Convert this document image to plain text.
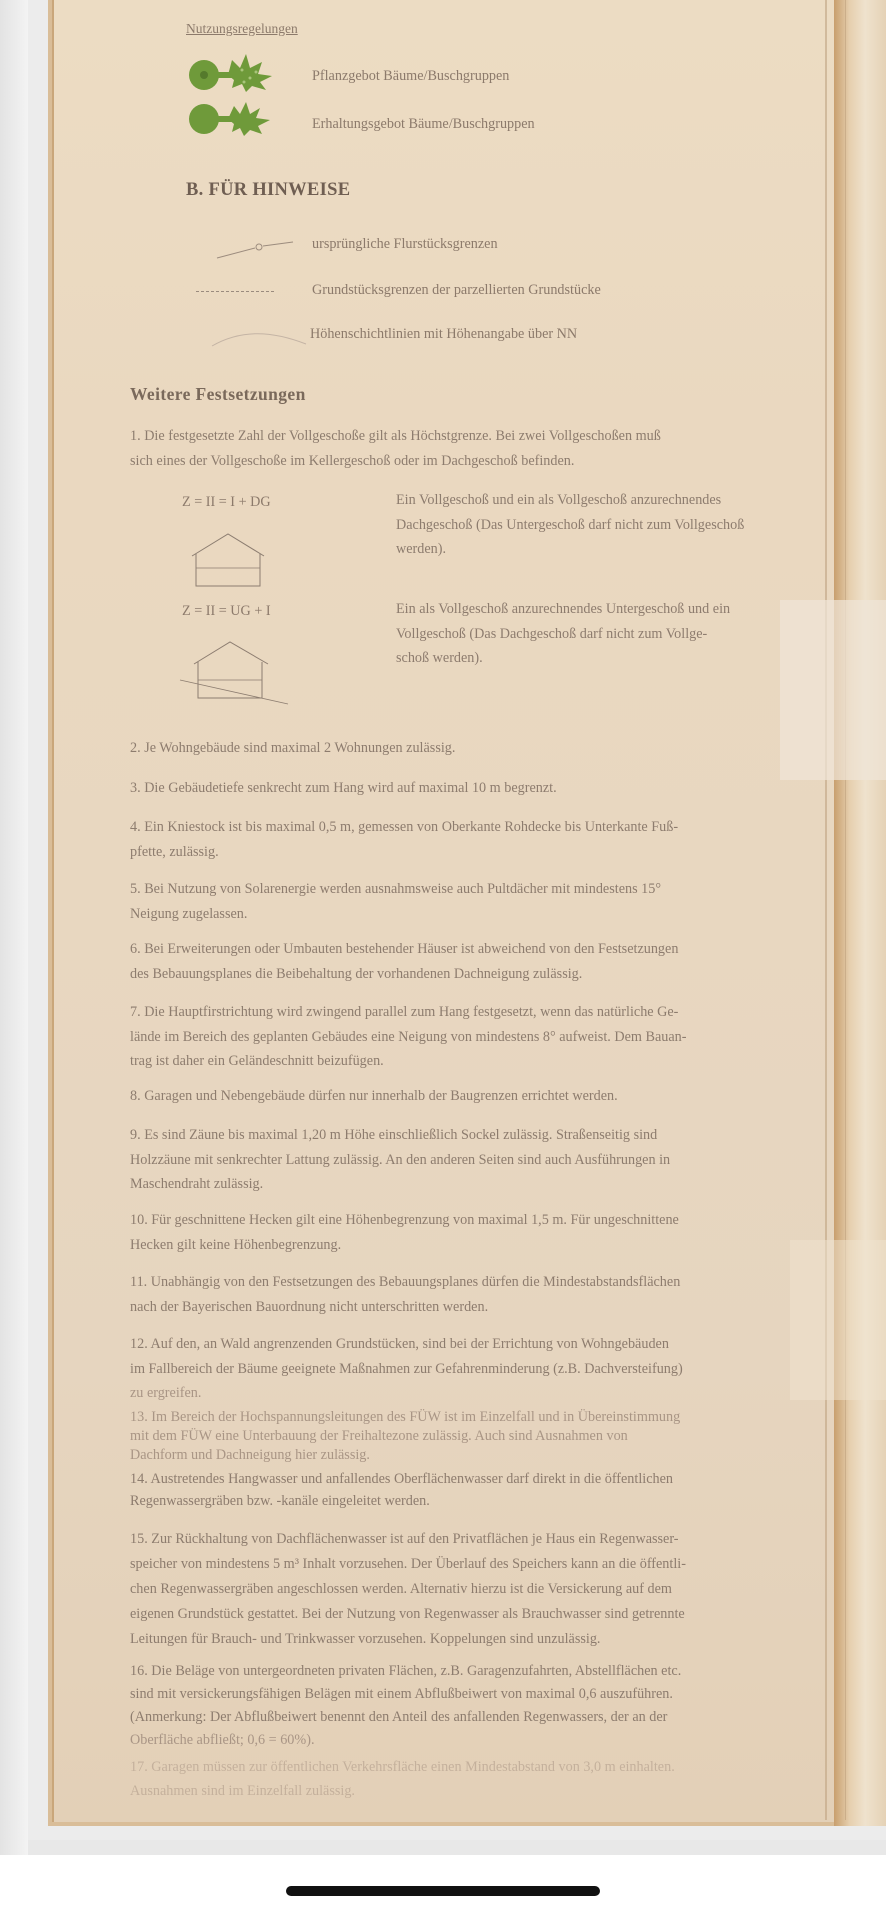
Nutzungsregelungen
Pflanzgebot Bäume/Buschgruppen
Erhaltungsgebot Bäume/Buschgruppen
B. FÜR HINWEISE
ursprüngliche Flurstücksgrenzen
Grundstücksgrenzen der parzellierten Grundstücke
Höhenschichtlinien mit Höhenangabe über NN
Weitere Festsetzungen
1. Die festgesetzte Zahl der Vollgeschoße gilt als Höchstgrenze. Bei zwei Vollgeschoßen muß
sich eines der Vollgeschoße im Kellergeschoß oder im Dachgeschoß befinden.
Z = II = I + DG	Ein Vollgeschoß und ein als Vollgeschoß anzurechnendes
Dachgeschoß (Das Untergeschoß darf nicht zum Vollgeschoß
werden).
Z = II = UG + I	Ein als Vollgeschoß anzurechnendes Untergeschoß und ein
Vollgeschoß (Das Dachgeschoß darf nicht zum Vollge-
schoß werden).
2. Je Wohngebäude sind maximal 2 Wohnungen zulässig.
3. Die Gebäudetiefe senkrecht zum Hang wird auf maximal 10 m begrenzt.
4. Ein Kniestock ist bis maximal 0,5 m, gemessen von Oberkante Rohdecke bis Unterkante Fuß-
pfette, zulässig.
5. Bei Nutzung von Solarenergie werden ausnahmsweise auch Pultdächer mit mindestens 15°
Neigung zugelassen.
6. Bei Erweiterungen oder Umbauten bestehender Häuser ist abweichend von den Festsetzungen
des Bebauungsplanes die Beibehaltung der vorhandenen Dachneigung zulässig.
7. Die Hauptfirstrichtung wird zwingend parallel zum Hang festgesetzt, wenn das natürliche Ge-
lände im Bereich des geplanten Gebäudes eine Neigung von mindestens 8° aufweist. Dem Bauan-
trag ist daher ein Geländeschnitt beizufügen.
8. Garagen und Nebengebäude dürfen nur innerhalb der Baugrenzen errichtet werden.
9. Es sind Zäune bis maximal 1,20 m Höhe einschließlich Sockel zulässig. Straßenseitig sind
Holzzäune mit senkrechter Lattung zulässig. An den anderen Seiten sind auch Ausführungen in
Maschendraht zulässig.
10. Für geschnittene Hecken gilt eine Höhenbegrenzung von maximal 1,5 m. Für ungeschnittene
Hecken gilt keine Höhenbegrenzung.
11. Unabhängig von den Festsetzungen des Bebauungsplanes dürfen die Mindestabstandsflächen
nach der Bayerischen Bauordnung nicht unterschritten werden.
12. Auf den, an Wald angrenzenden Grundstücken, sind bei der Errichtung von Wohngebäuden
im Fallbereich der Bäume geeignete Maßnahmen zur Gefahrenminderung (z.B. Dachversteifung)
zu ergreifen.
13. Im Bereich der Hochspannungsleitungen des FÜW ist im Einzelfall und in Übereinstimmung
mit dem FÜW eine Unterbauung der Freihaltezone zulässig. Auch sind Ausnahmen von
Dachform und Dachneigung hier zulässig.
14. Austretendes Hangwasser und anfallendes Oberflächenwasser darf direkt in die öffentlichen
Regenwassergräben bzw. -kanäle eingeleitet werden.
15. Zur Rückhaltung von Dachflächenwasser ist auf den Privatflächen je Haus ein Regenwasser-
speicher von mindestens 5 m³ Inhalt vorzusehen. Der Überlauf des Speichers kann an die öffentli-
chen Regenwassergräben angeschlossen werden. Alternativ hierzu ist die Versickerung auf dem
eigenen Grundstück gestattet. Bei der Nutzung von Regenwasser als Brauchwasser sind getrennte
Leitungen für Brauch- und Trinkwasser vorzusehen. Koppelungen sind unzulässig.
16. Die Beläge von untergeordneten privaten Flächen, z.B. Garagenzufahrten, Abstellflächen etc.
sind mit versickerungsfähigen Belägen mit einem Abflußbeiwert von maximal 0,6 auszuführen.
(Anmerkung: Der Abflußbeiwert benennt den Anteil des anfallenden Regenwassers, der an der
Oberfläche abfließt; 0,6 = 60%).
17. Garagen müssen zur öffentlichen Verkehrsfläche einen Mindestabstand von 3,0 m einhalten.
Ausnahmen sind im Einzelfall zulässig.
